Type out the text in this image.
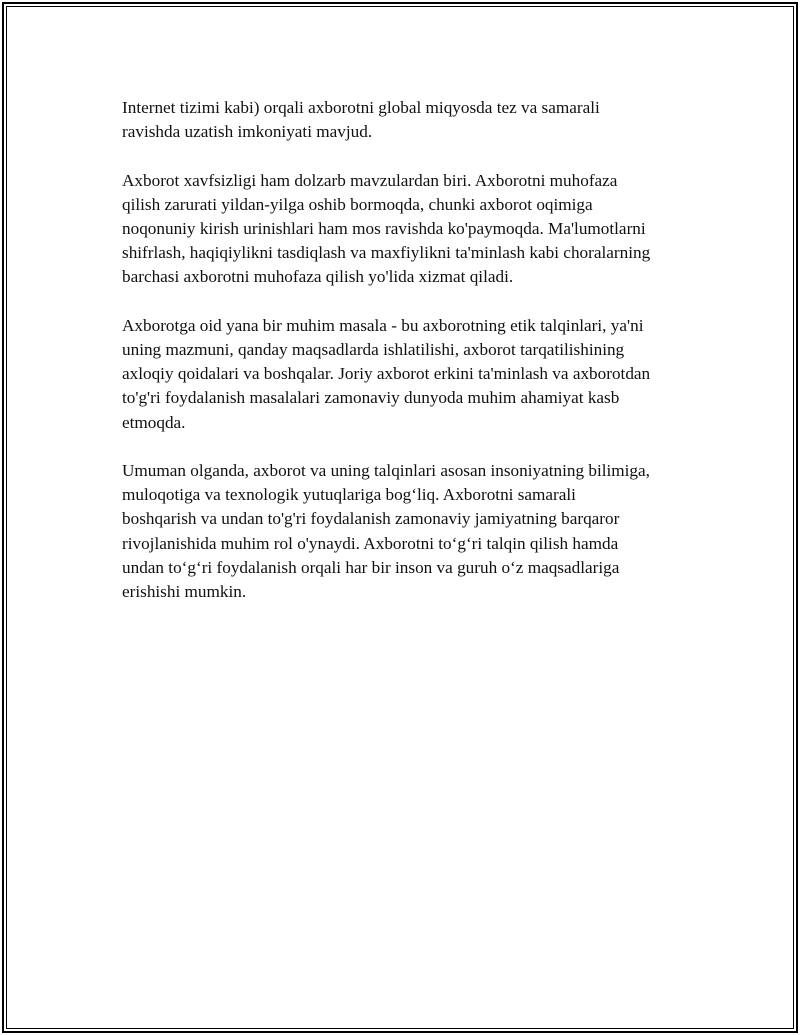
Internet tizimi kabi) orqali axborotni global miqyosda tez va samarali
ravishda uzatish imkoniyati mavjud.

Axborot xavfsizligi ham dolzarb mavzulardan biri. Axborotni muhofaza
qilish zarurati yildan-yilga oshib bormoqda, chunki axborot oqimiga
noqonuniy kirish urinishlari ham mos ravishda ko'paymoqda. Ma'lumotlarni
shifrlash, haqiqiylikni tasdiqlash va maxfiylikni ta'minlash kabi choralarning
barchasi axborotni muhofaza qilish yo'lida xizmat qiladi.

Axborotga oid yana bir muhim masala - bu axborotning etik talqinlari, ya'ni
uning mazmuni, qanday maqsadlarda ishlatilishi, axborot tarqatilishining
axloqiy qoidalari va boshqalar. Joriy axborot erkini ta'minlash va axborotdan
to'g'ri foydalanish masalalari zamonaviy dunyoda muhim ahamiyat kasb
etmoqda.

Umuman olganda, axborot va uning talqinlari asosan insoniyatning bilimiga,
muloqotiga va texnologik yutuqlariga bog‘liq. Axborotni samarali
boshqarish va undan to'g'ri foydalanish zamonaviy jamiyatning barqaror
rivojlanishida muhim rol o'ynaydi. Axborotni to‘g‘ri talqin qilish hamda
undan to‘g‘ri foydalanish orqali har bir inson va guruh o‘z maqsadlariga
erishishi mumkin.
